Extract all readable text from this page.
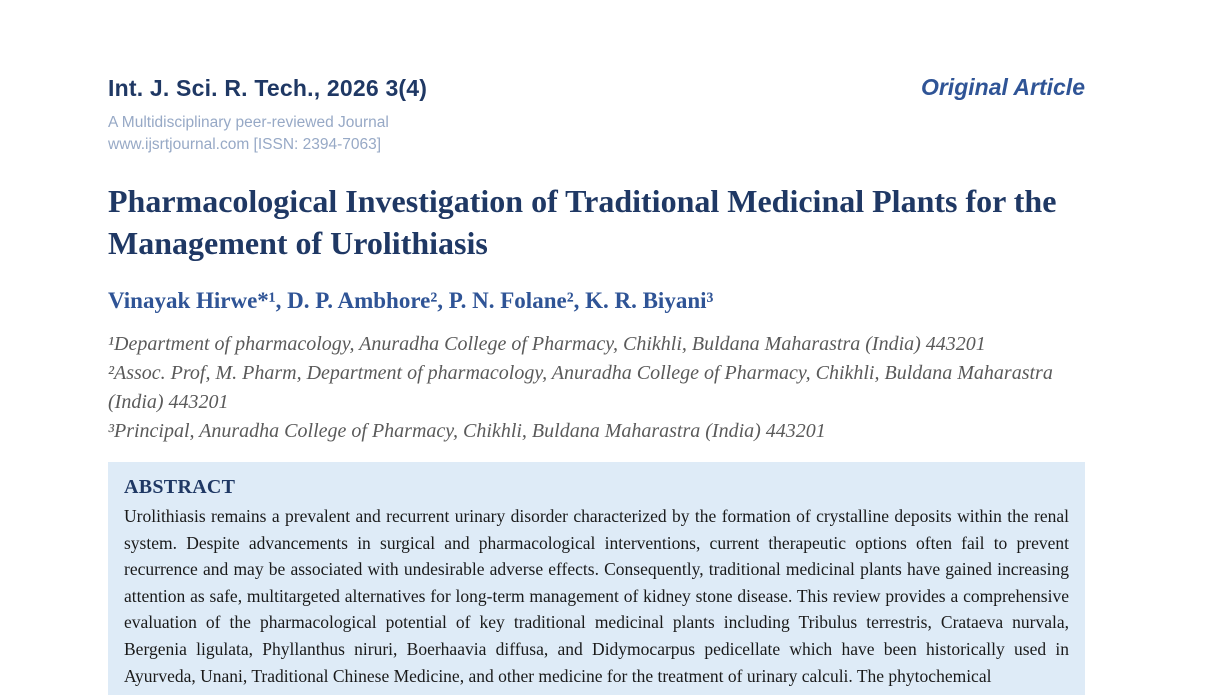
Int. J. Sci. R. Tech., 2026 3(4)
A Multidisciplinary peer-reviewed Journal
www.ijsrtjournal.com [ISSN: 2394-7063]
Original Article
Pharmacological Investigation of Traditional Medicinal Plants for the Management of Urolithiasis
Vinayak Hirwe*¹, D. P. Ambhore², P. N. Folane², K. R. Biyani³

¹Department of pharmacology, Anuradha College of Pharmacy, Chikhli, Buldana Maharastra (India) 443201

²Assoc. Prof, M. Pharm, Department of pharmacology, Anuradha College of Pharmacy, Chikhli, Buldana Maharastra (India) 443201

³Principal, Anuradha College of Pharmacy, Chikhli, Buldana Maharastra (India) 443201

ABSTRACT

Urolithiasis remains a prevalent and recurrent urinary disorder characterized by the formation of crystalline deposits within the renal system. Despite advancements in surgical and pharmacological interventions, current therapeutic options often fail to prevent recurrence and may be associated with undesirable adverse effects. Consequently, traditional medicinal plants have gained increasing attention as safe, multitargeted alternatives for long-term management of kidney stone disease. This review provides a comprehensive evaluation of the pharmacological potential of key traditional medicinal plants including Tribulus terrestris, Crataeva nurvala, Bergenia ligulata, Phyllanthus niruri, Boerhaavia diffusa, and Didymocarpus pedicellate which have been historically used in Ayurveda, Unani, Traditional Chinese Medicine, and other medicine for the treatment of urinary calculi. The phytochemical
